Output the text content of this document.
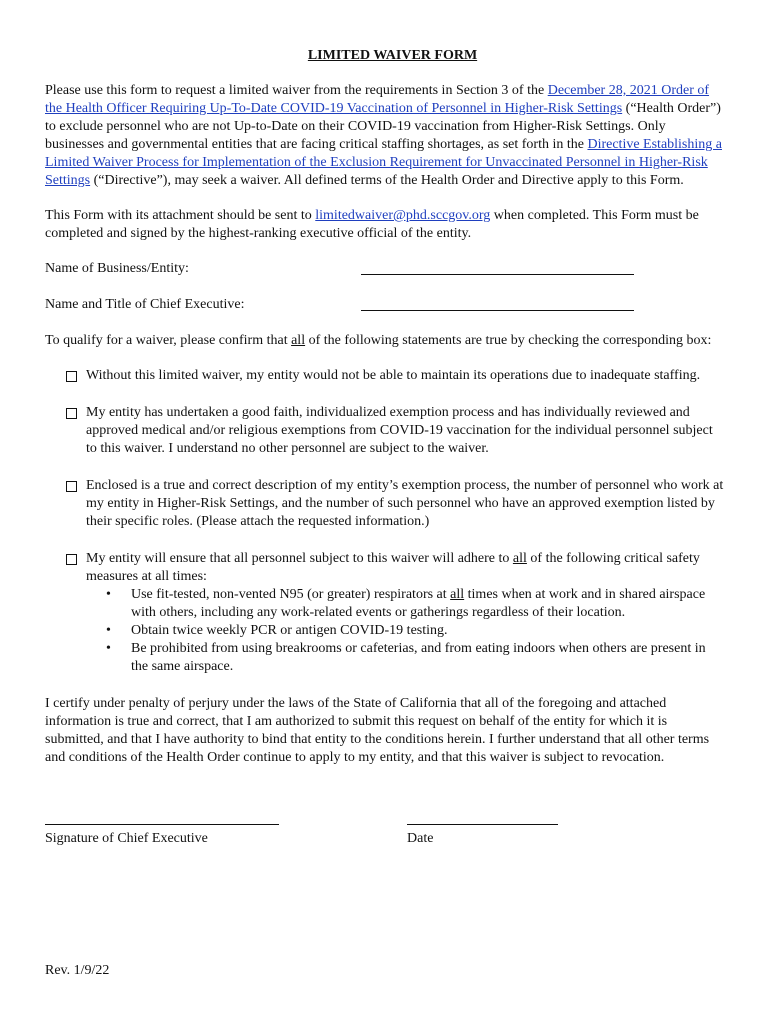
LIMITED WAIVER FORM

Please use this form to request a limited waiver from the requirements in Section 3 of the December 28, 2021 Order of the Health Officer Requiring Up-To-Date COVID-19 Vaccination of Personnel in Higher-Risk Settings (“Health Order”) to exclude personnel who are not Up-to-Date on their COVID-19 vaccination from Higher-Risk Settings. Only businesses and governmental entities that are facing critical staffing shortages, as set forth in the Directive Establishing a Limited Waiver Process for Implementation of the Exclusion Requirement for Unvaccinated Personnel in Higher-Risk Settings (“Directive”), may seek a waiver. All defined terms of the Health Order and Directive apply to this Form.

This Form with its attachment should be sent to limitedwaiver@phd.sccgov.org when completed. This Form must be completed and signed by the highest-ranking executive official of the entity.

Name of Business/Entity:
Name and Title of Chief Executive:

To qualify for a waiver, please confirm that all of the following statements are true by checking the corresponding box:

Without this limited waiver, my entity would not be able to maintain its operations due to inadequate staffing.
My entity has undertaken a good faith, individualized exemption process and has individually reviewed and approved medical and/or religious exemptions from COVID-19 vaccination for the individual personnel subject to this waiver. I understand no other personnel are subject to the waiver.
Enclosed is a true and correct description of my entity’s exemption process, the number of personnel who work at my entity in Higher-Risk Settings, and the number of such personnel who have an approved exemption listed by their specific roles. (Please attach the requested information.)
My entity will ensure that all personnel subject to this waiver will adhere to all of the following critical safety measures at all times:
• Use fit-tested, non-vented N95 (or greater) respirators at all times when at work and in shared airspace with others, including any work-related events or gatherings regardless of their location.
• Obtain twice weekly PCR or antigen COVID-19 testing.
• Be prohibited from using breakrooms or cafeterias, and from eating indoors when others are present in the same airspace.

I certify under penalty of perjury under the laws of the State of California that all of the foregoing and attached information is true and correct, that I am authorized to submit this request on behalf of the entity for which it is submitted, and that I have authority to bind that entity to the conditions herein. I further understand that all other terms and conditions of the Health Order continue to apply to my entity, and that this waiver is subject to revocation.

Signature of Chief Executive	Date
Rev. 1/9/22
